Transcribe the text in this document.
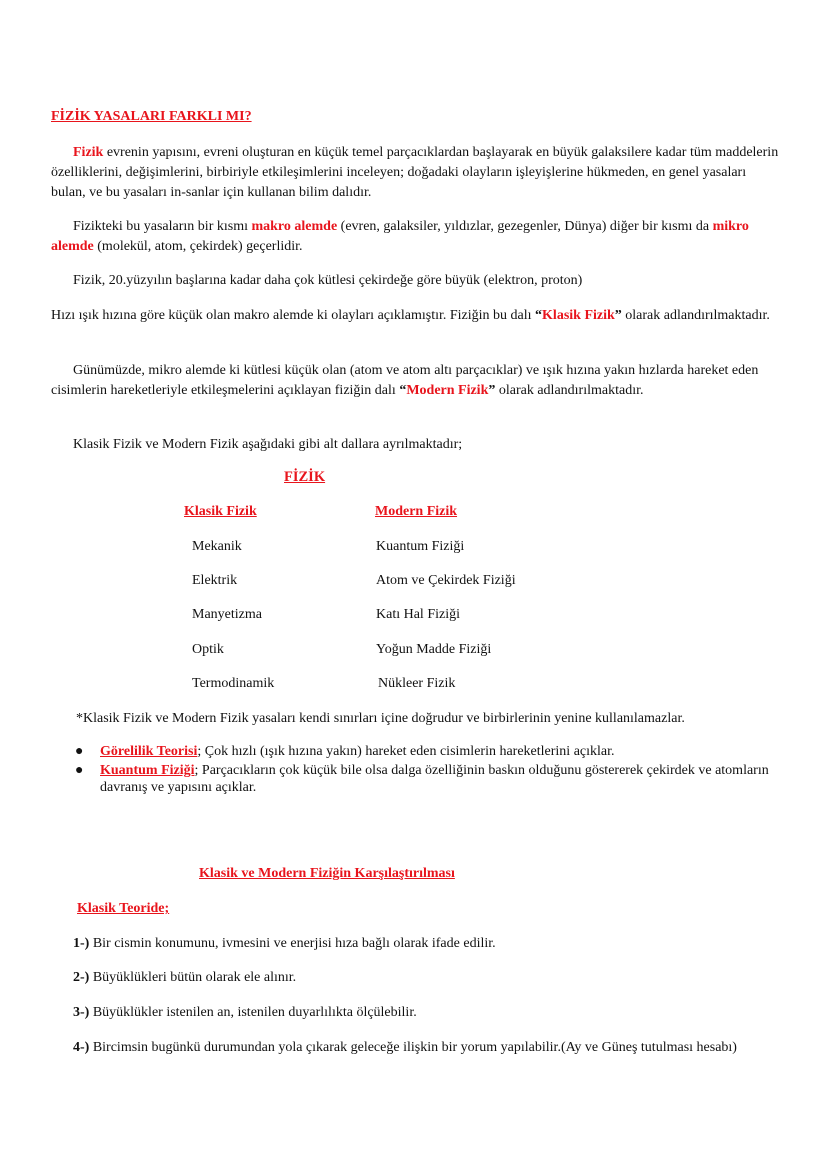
FİZİK YASALARI FARKLI MI?

Fizik evrenin yapısını, evreni oluşturan en küçük temel parçacıklardan başlayarak en büyük galaksilere kadar tüm maddelerin özelliklerini, değişimlerini, birbiriyle etkileşimlerini inceleyen; doğadaki olayların işleyişlerine hükmeden, en genel yasaları bulan, ve bu yasaları in-sanlar için kullanan bilim dalıdır.

Fizikteki bu yasaların bir kısmı makro alemde (evren, galaksiler, yıldızlar, gezegenler, Dünya) diğer bir kısmı da mikro alemde (molekül, atom, çekirdek) geçerlidir.

Fizik, 20.yüzyılın başlarına kadar daha çok kütlesi çekirdeğe göre büyük (elektron, proton)

Hızı ışık hızına göre küçük olan makro alemde ki olayları açıklamıştır. Fiziğin bu dalı “Klasik Fizik” olarak adlandırılmaktadır.

Günümüzde, mikro alemde ki kütlesi küçük olan (atom ve atom altı parçacıklar) ve ışık hızına yakın hızlarda hareket eden cisimlerin hareketleriyle etkileşmelerini açıklayan fiziğin dalı “Modern Fizik” olarak adlandırılmaktadır.

Klasik Fizik ve Modern Fizik aşağıdaki gibi alt dallara ayrılmaktadır;

FİZİK
Klasik Fizik	Modern Fizik
Mekanik
Elektrik
Manyetizma
Optik
Termodinamik
Kuantum Fiziği
Atom ve Çekirdek Fiziği
Katı Hal Fiziği
Yoğun Madde Fiziği
Nükleer Fizik

*Klasik Fizik ve Modern Fizik yasaları kendi sınırları içine doğrudur ve birbirlerinin yenine kullanılamazlar.

● Görelilik Teorisi; Çok hızlı (ışık hızına yakın) hareket eden cisimlerin hareketlerini açıklar.
● Kuantum Fiziği; Parçacıkların çok küçük bile olsa dalga özelliğinin baskın olduğunu göstererek çekirdek ve atomların davranış ve yapısını açıklar.
Klasik ve Modern Fiziğin Karşılaştırılması
Klasik Teoride;

1-) Bir cismin konumunu, ivmesini ve enerjisi hıza bağlı olarak ifade edilir.

2-) Büyüklükleri bütün olarak ele alınır.

3-) Büyüklükler istenilen an, istenilen duyarlılıkta ölçülebilir.

4-) Bircimsin bugünkü durumundan yola çıkarak geleceğe ilişkin bir yorum yapılabilir.(Ay ve Güneş tutulması hesabı)
